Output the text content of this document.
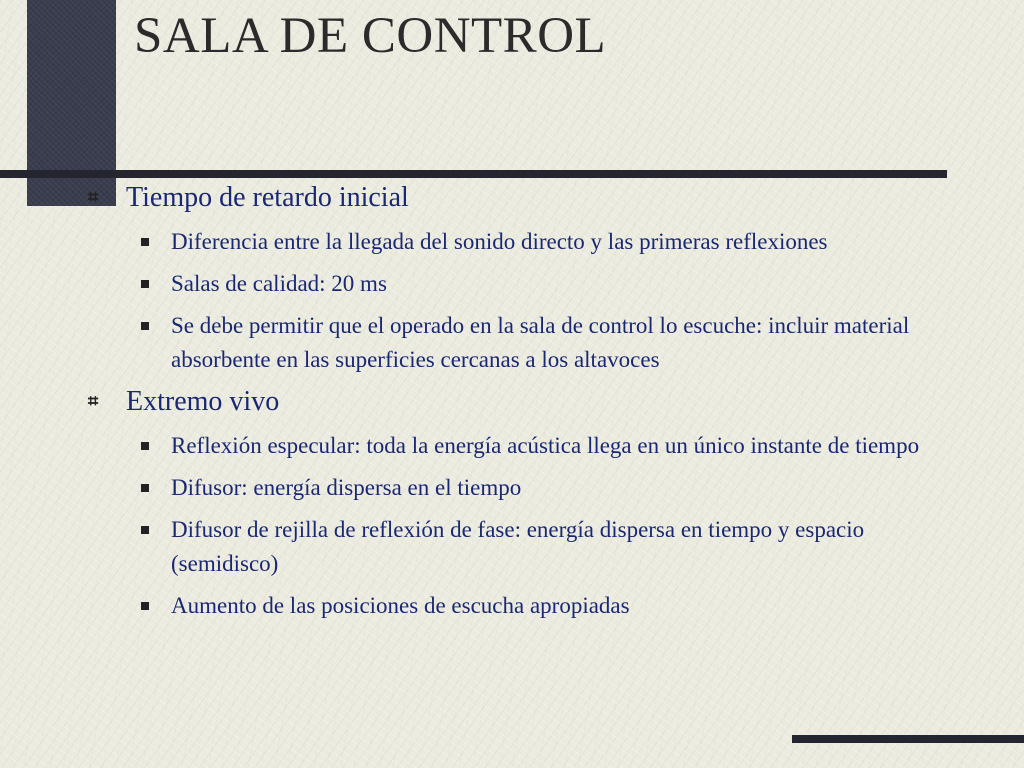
SALA DE CONTROL
⌗ Tiempo de retardo inicial
Diferencia entre la llegada del sonido directo y las primeras reflexiones
Salas de calidad: 20 ms
Se debe permitir que el operado en la sala de control lo escuche: incluir material absorbente en las superficies cercanas a los altavoces
⌗ Extremo vivo
Reflexión especular: toda la energía acústica llega en un único instante de tiempo
Difusor: energía dispersa en el tiempo
Difusor de rejilla de reflexión de fase: energía dispersa en tiempo y espacio (semidisco)
Aumento de las posiciones de escucha apropiadas
